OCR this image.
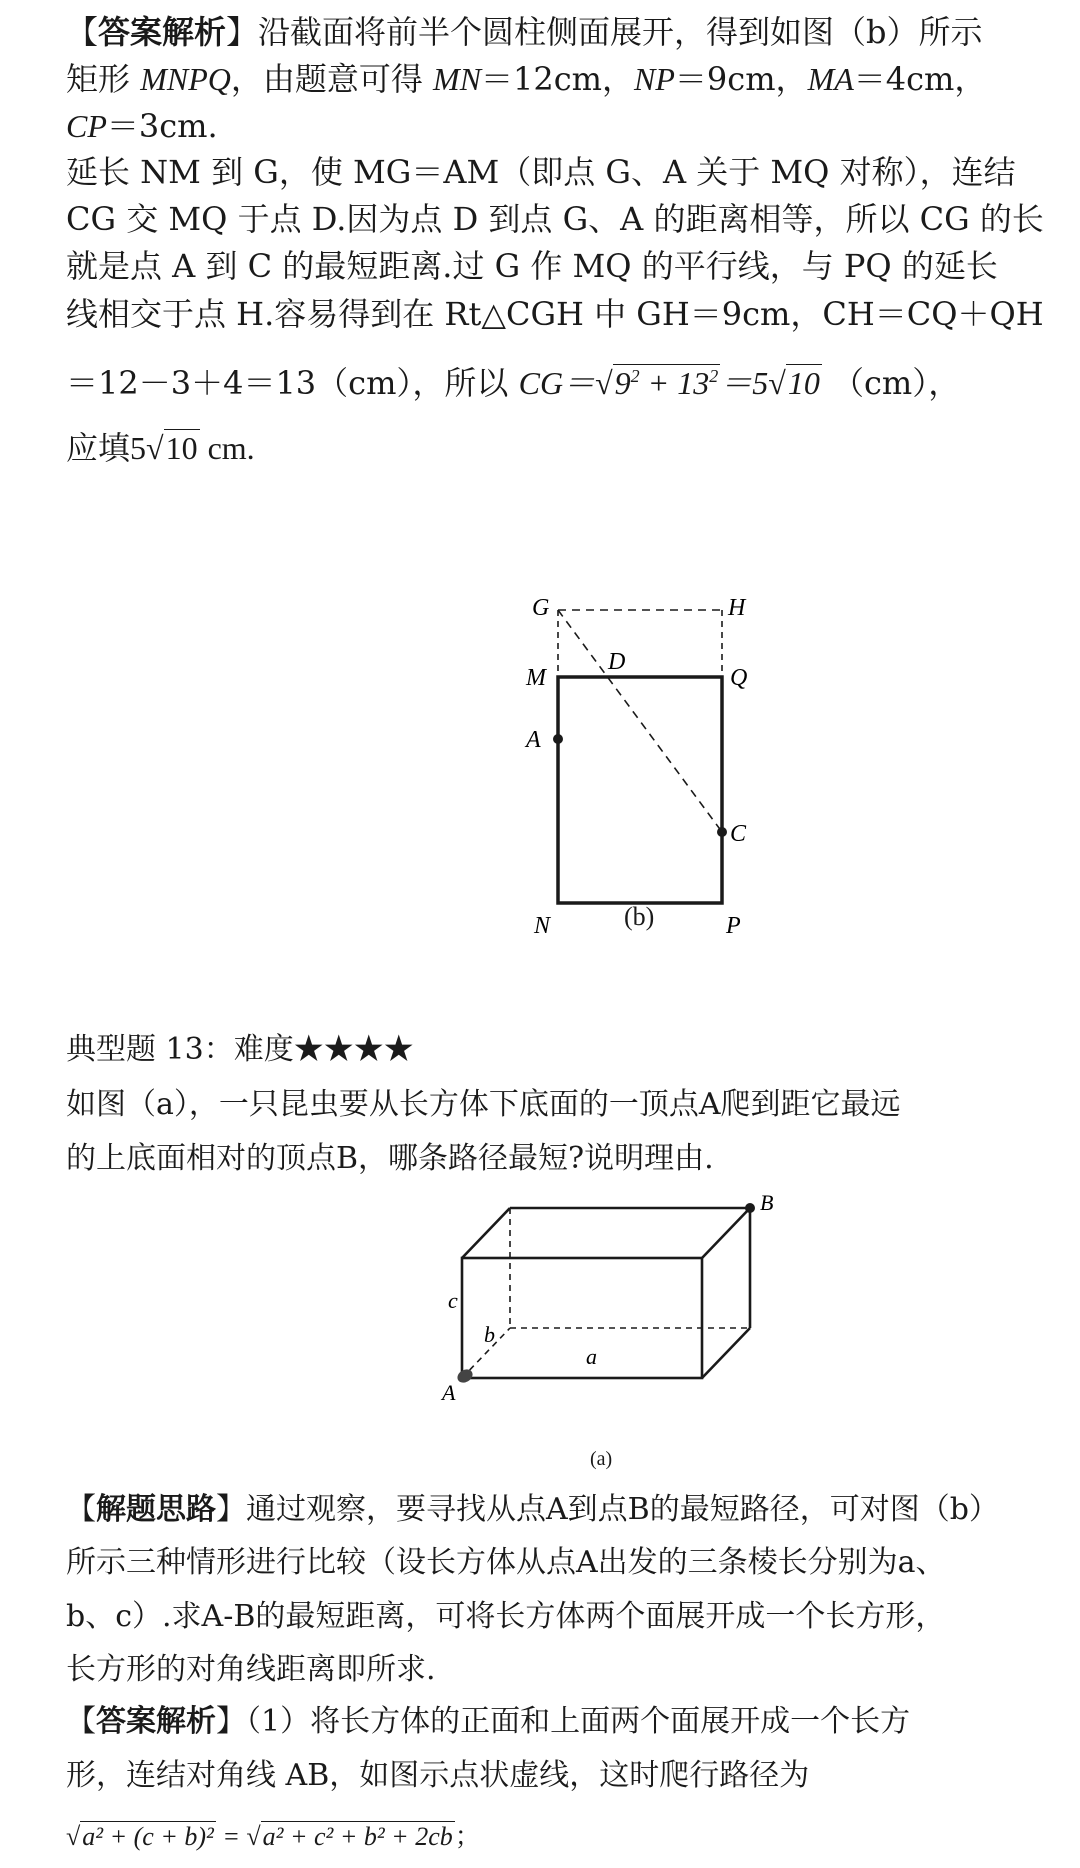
【答案解析】沿截面将前半个圆柱侧面展开，得到如图（b）所示
矩形 MNPQ，由题意可得 MN＝12cm，NP＝9cm，MA＝4cm，
CP＝3cm.
延长 NM 到 G，使 MG＝AM（即点 G、A 关于 MQ 对称），连结
CG 交 MQ 于点 D.因为点 D 到点 G、A 的距离相等，所以 CG 的长
就是点 A 到 C 的最短距离.过 G 作 MQ 的平行线，与 PQ 的延长
线相交于点 H.容易得到在 Rt△CGH 中 GH＝9cm，CH＝CQ＋QH
＝12－3＋4＝13（cm），所以 $CG=√9^2 + 13^2=5√10$ （cm），
应填5√10 cm.
G	H
D
M	Q
A
C
N	P
(b)
典型题 13：难度★★★★
如图（a），一只昆虫要从长方体下底面的一顶点A爬到距它最远
的上底面相对的顶点B，哪条路径最短?说明理由.
B
A
c
b
a
(a)
【解题思路】通过观察，要寻找从点A到点B的最短路径，可对图（b）
所示三种情形进行比较（设长方体从点A出发的三条棱长分别为a、
b、c）.求A-B的最短距离，可将长方体两个面展开成一个长方形，
长方形的对角线距离即所求.
【答案解析】（1）将长方体的正面和上面两个面展开成一个长方
形，连结对角线 AB，如图示点状虚线，这时爬行路径为
√a² + (c + b)² = √a² + c² + b² + 2cb；
